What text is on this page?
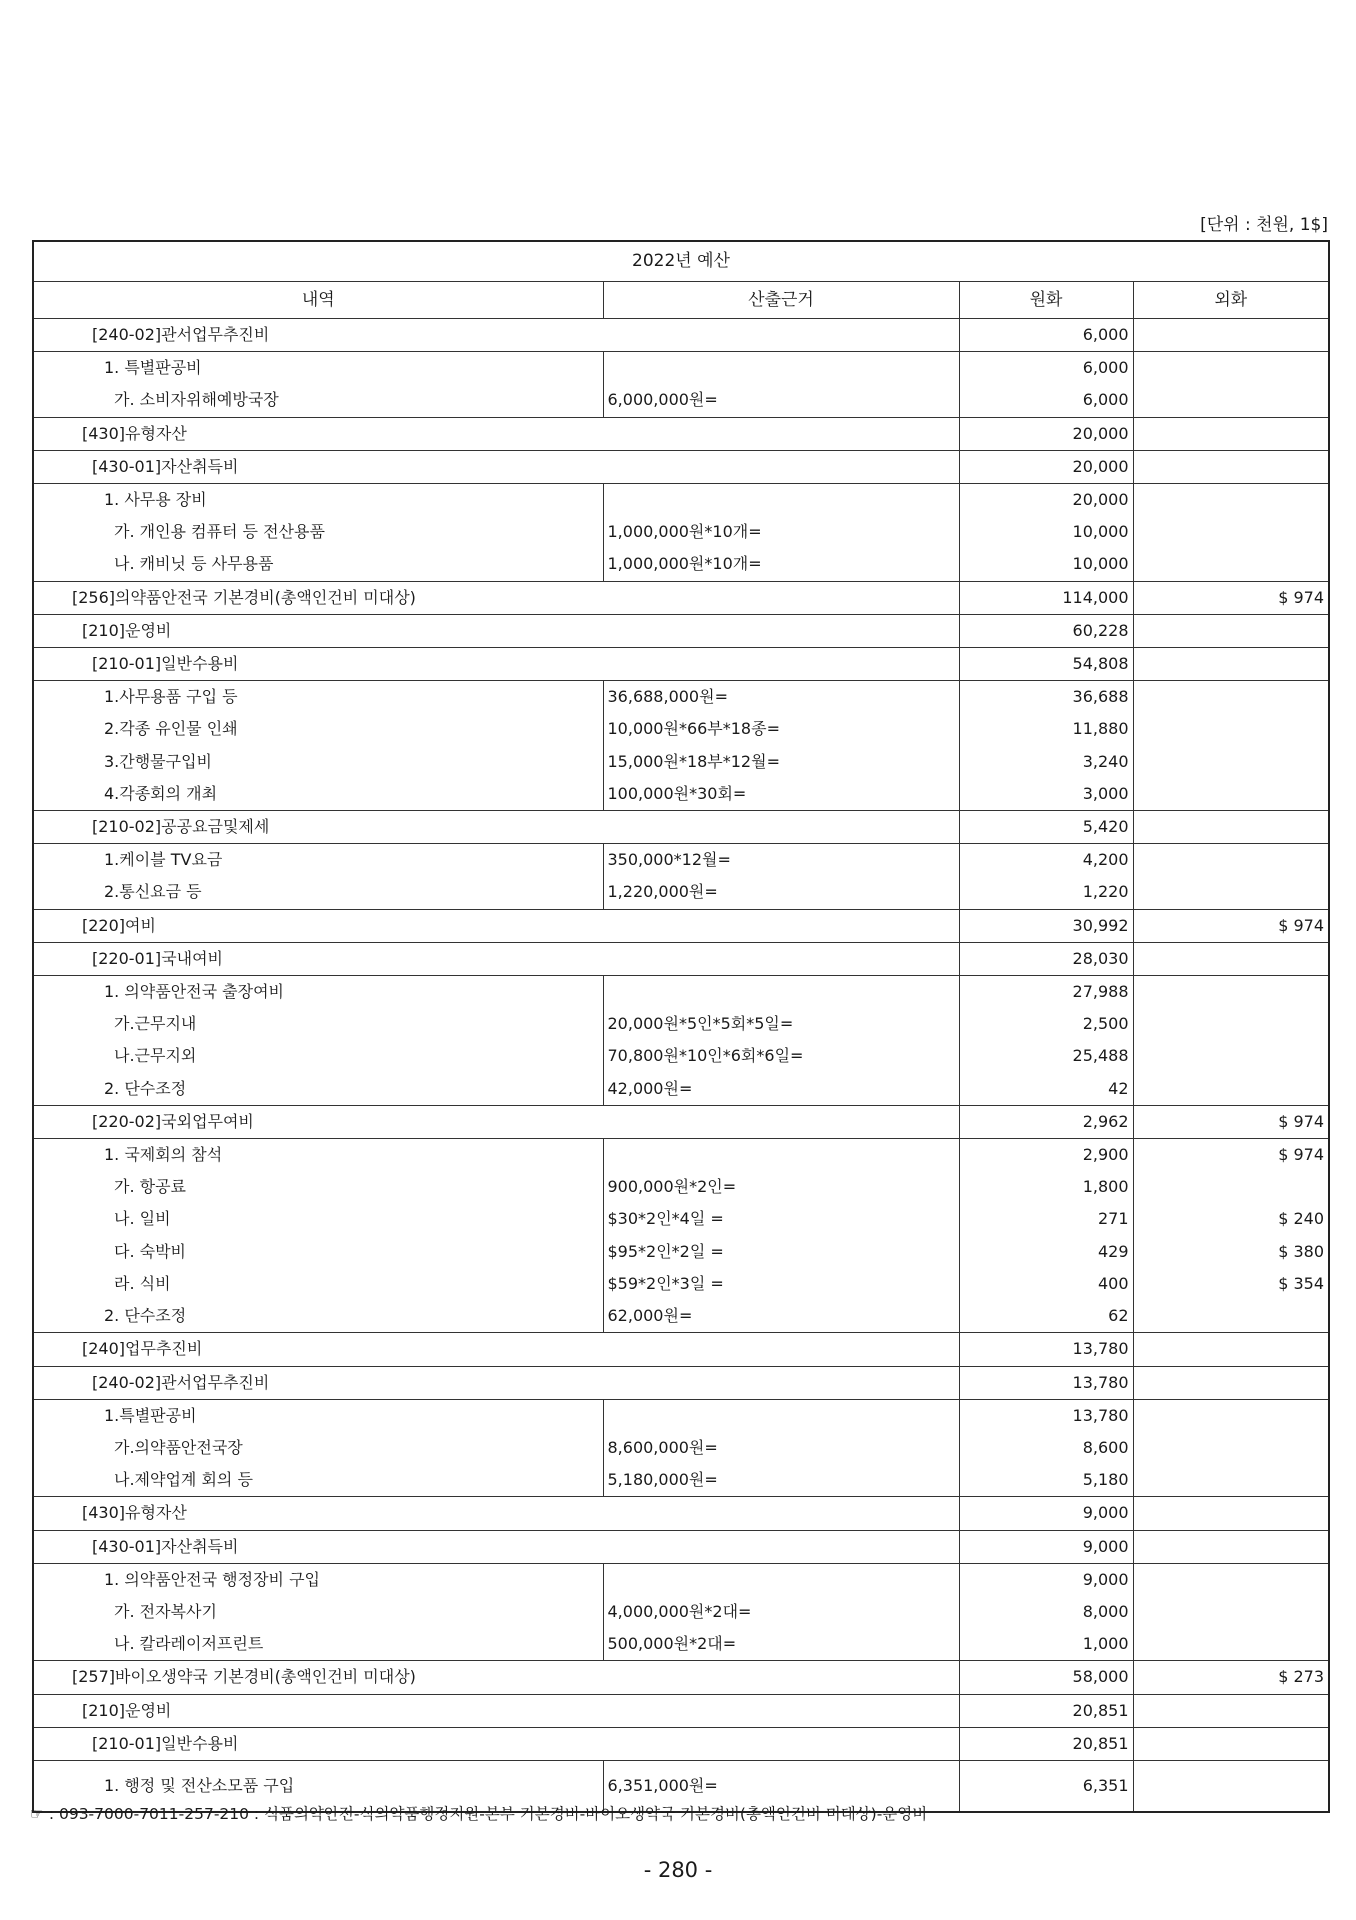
[단위 : 천원, 1$]
2022년 예산			
내역	산출근거	원화	외화
[240-02]관서업무추진비		6,000	
1. 특별판공비		6,000	
가. 소비자위해예방국장	6,000,000원=	6,000	
[430]유형자산		20,000	
[430-01]자산취득비		20,000	
1. 사무용 장비		20,000	
가. 개인용 컴퓨터 등 전산용품	1,000,000원*10개=	10,000	
나. 캐비닛 등 사무용품	1,000,000원*10개=	10,000	
[256]의약품안전국 기본경비(총액인건비 미대상)		114,000	$ 974
[210]운영비		60,228	
[210-01]일반수용비		54,808	
1.사무용품 구입 등	36,688,000원=	36,688	
2.각종 유인물 인쇄	10,000원*66부*18종=	11,880	
3.간행물구입비	15,000원*18부*12월=	3,240	
4.각종회의 개최	100,000원*30회=	3,000	
[210-02]공공요금및제세		5,420	
1.케이블 TV요금	350,000*12월=	4,200	
2.통신요금 등	1,220,000원=	1,220	
[220]여비		30,992	$ 974
[220-01]국내여비		28,030	
1. 의약품안전국 출장여비		27,988	
가.근무지내	20,000원*5인*5회*5일=	2,500	
나.근무지외	70,800원*10인*6회*6일=	25,488	
2. 단수조정	42,000원=	42	
[220-02]국외업무여비		2,962	$ 974
1. 국제회의 참석		2,900	$ 974
가. 항공료	900,000원*2인=	1,800	
나. 일비	$30*2인*4일 =	271	$ 240
다. 숙박비	$95*2인*2일 =	429	$ 380
라. 식비	$59*2인*3일 =	400	$ 354
2. 단수조정	62,000원=	62	
[240]업무추진비		13,780	
[240-02]관서업무추진비		13,780	
1.특별판공비		13,780	
가.의약품안전국장	8,600,000원=	8,600	
나.제약업계 회의 등	5,180,000원=	5,180	
[430]유형자산		9,000	
[430-01]자산취득비		9,000	
1. 의약품안전국 행정장비 구입		9,000	
가. 전자복사기	4,000,000원*2대=	8,000	
나. 칼라레이저프린트	500,000원*2대=	1,000	
[257]바이오생약국 기본경비(총액인건비 미대상)		58,000	$ 273
[210]운영비		20,851	
[210-01]일반수용비		20,851	
1. 행정 및 전산소모품 구입	6,351,000원=	6,351	
☞ : 093-7000-7011-257-210 : 식품의약안전-식의약품행정지원-본부 기본경비-바이오생약국 기본경비(총액인건비 미대상)-운영비
- 280 -
